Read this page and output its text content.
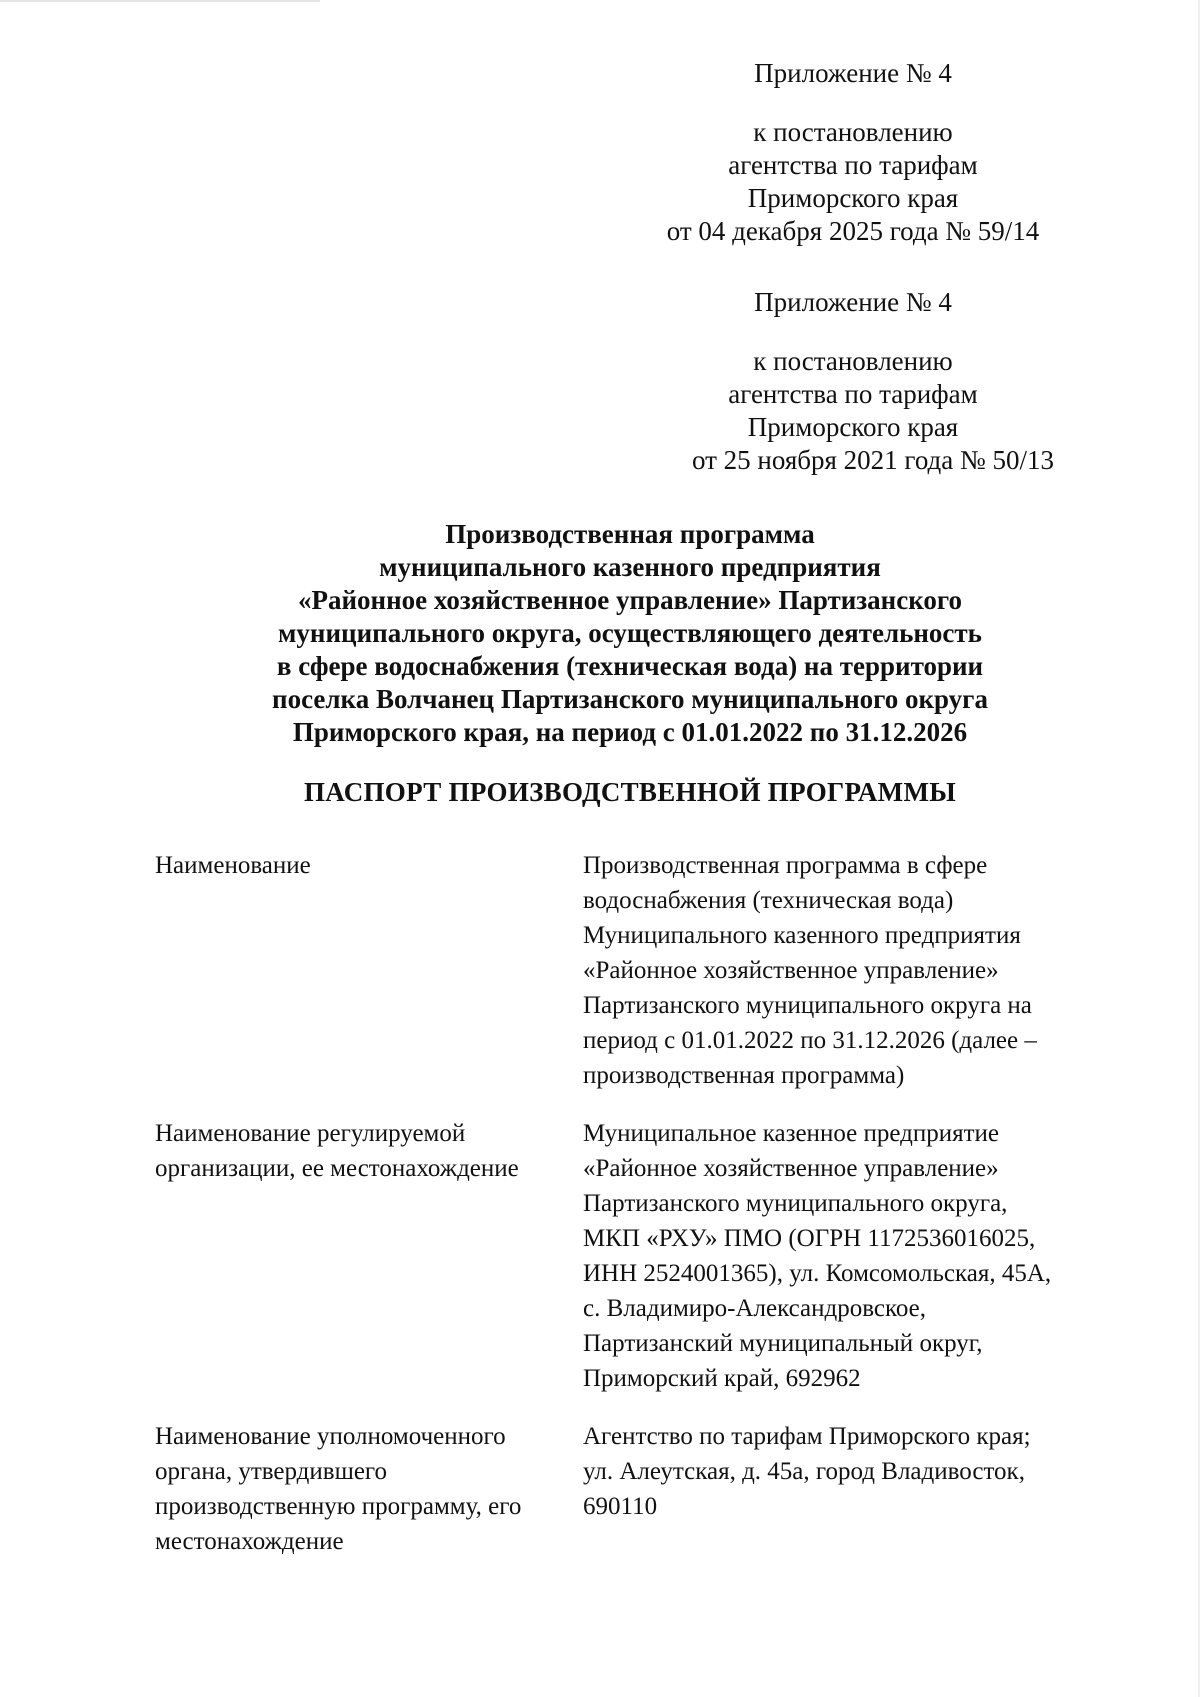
Приложение № 4
к постановлению
агентства по тарифам
Приморского края
от 04 декабря 2025 года № 59/14
Приложение № 4
к постановлению
агентства по тарифам
Приморского края
от 25 ноября 2021 года № 50/13
Производственная программа
муниципального казенного предприятия
«Районное хозяйственное управление» Партизанского
муниципального округа, осуществляющего деятельность
в сфере водоснабжения (техническая вода) на территории
поселка Волчанец Партизанского муниципального округа
Приморского края, на период с 01.01.2022 по 31.12.2026
ПАСПОРТ ПРОИЗВОДСТВЕННОЙ ПРОГРАММЫ
Наименование	Производственная программа в сфере
водоснабжения (техническая вода)
Муниципального казенного предприятия
«Районное хозяйственное управление»
Партизанского муниципального округа на
период с 01.01.2022 по 31.12.2026 (далее –
производственная программа)
Наименование регулируемой
организации, ее местонахождение
Муниципальное казенное предприятие
«Районное хозяйственное управление»
Партизанского муниципального округа,
МКП «РХУ» ПМО (ОГРН 1172536016025,
ИНН 2524001365), ул. Комсомольская, 45А,
с. Владимиро-Александровское,
Партизанский муниципальный округ,
Приморский край, 692962
Наименование уполномоченного
органа, утвердившего
производственную программу, его
местонахождение
Агентство по тарифам Приморского края;
ул. Алеутская, д. 45а, город Владивосток,
690110
